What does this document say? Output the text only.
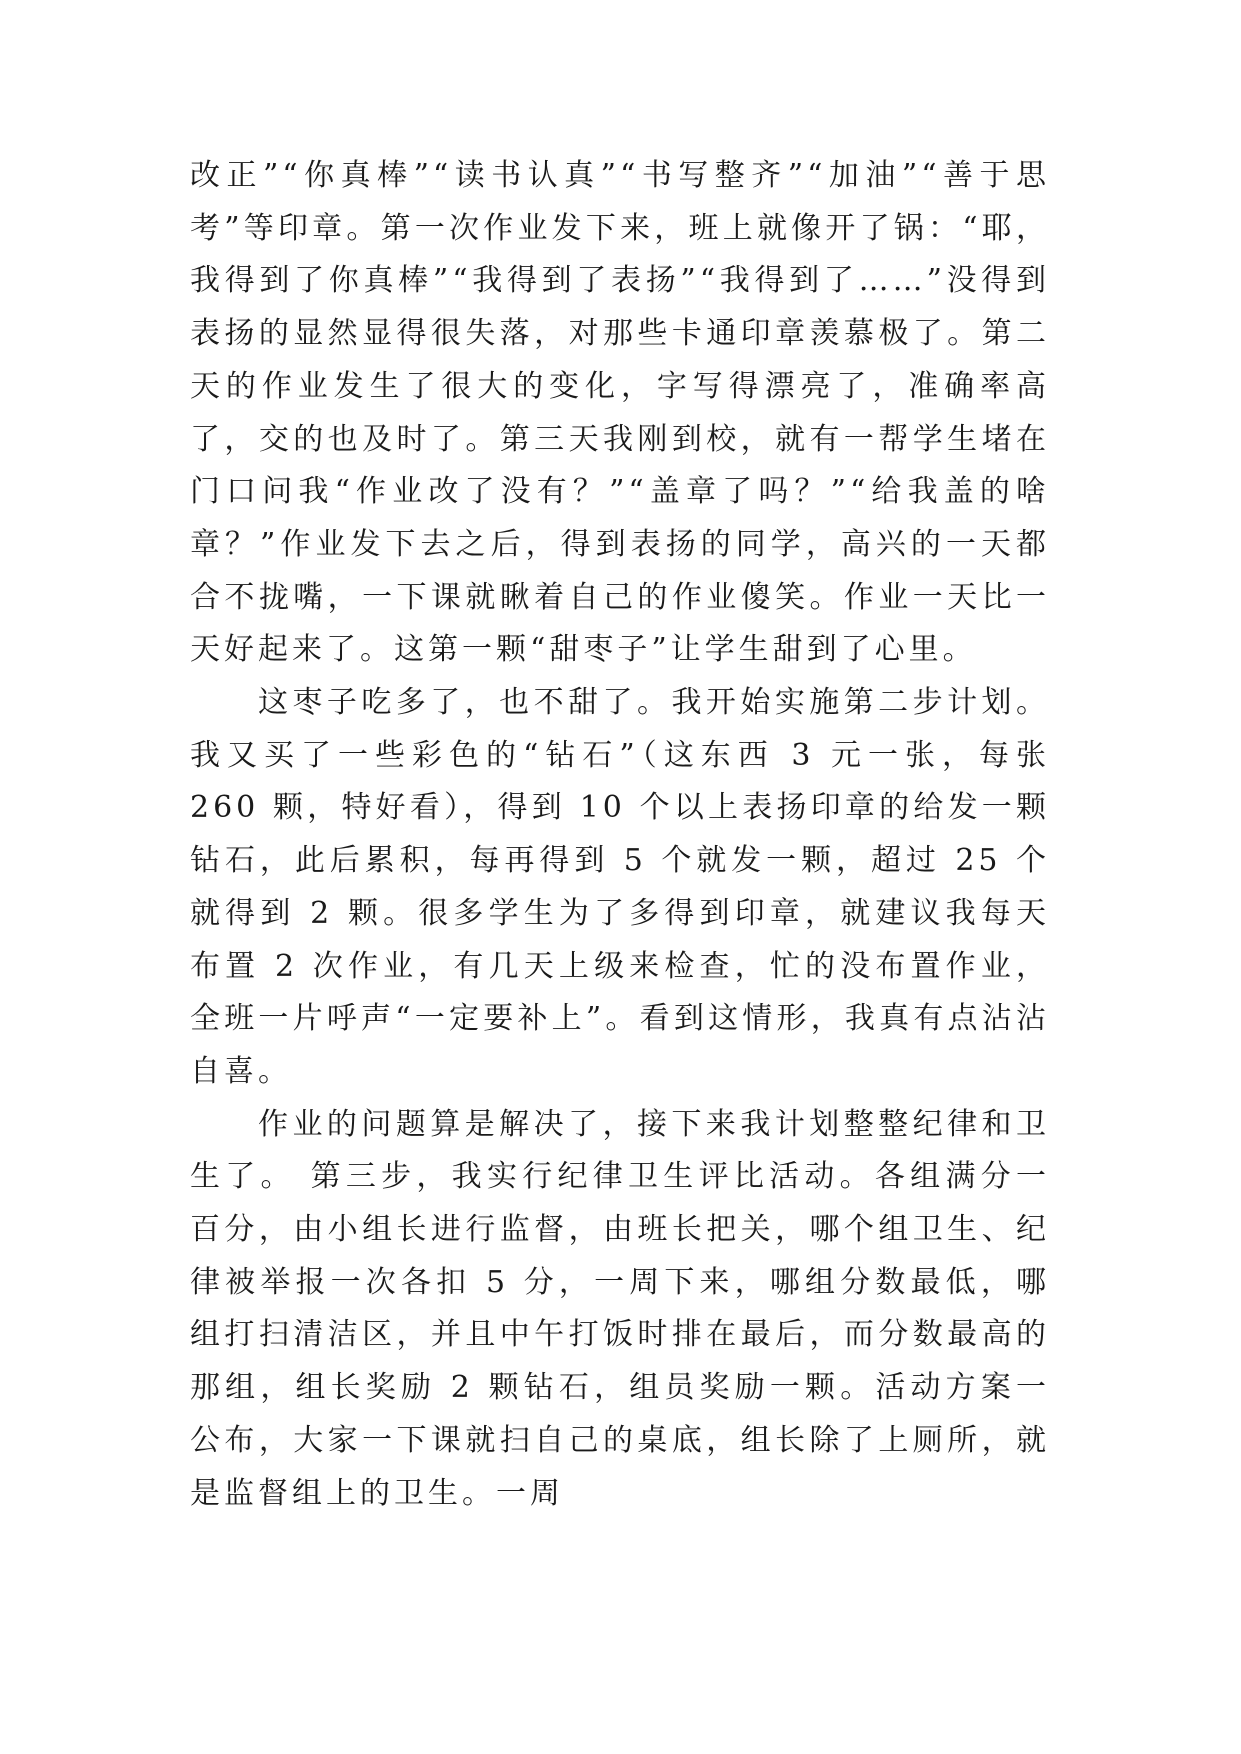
改正”“你真棒”“读书认真”“书写整齐”“加油”“善于思考”等印章。第一次作业发下来，班上就像开了锅：“耶，我得到了你真棒”“我得到了表扬”“我得到了……”没得到表扬的显然显得很失落，对那些卡通印章羡慕极了。第二天的作业发生了很大的变化，字写得漂亮了，准确率高了，交的也及时了。第三天我刚到校，就有一帮学生堵在门口问我“作业改了没有？”“盖章了吗？”“给我盖的啥章？”作业发下去之后，得到表扬的同学，高兴的一天都合不拢嘴，一下课就瞅着自己的作业傻笑。作业一天比一天好起来了。这第一颗“甜枣子”让学生甜到了心里。

这枣子吃多了，也不甜了。我开始实施第二步计划。我又买了一些彩色的“钻石”（这东西 3 元一张，每张 260 颗，特好看），得到 10 个以上表扬印章的给发一颗钻石，此后累积，每再得到 5 个就发一颗，超过 25 个就得到 2 颗。很多学生为了多得到印章，就建议我每天布置 2 次作业，有几天上级来检查，忙的没布置作业，全班一片呼声“一定要补上”。看到这情形，我真有点沾沾自喜。

作业的问题算是解决了，接下来我计划整整纪律和卫生了。 第三步，我实行纪律卫生评比活动。各组满分一百分，由小组长进行监督，由班长把关，哪个组卫生、纪律被举报一次各扣 5 分，一周下来，哪组分数最低，哪组打扫清洁区，并且中午打饭时排在最后，而分数最高的那组，组长奖励 2 颗钻石，组员奖励一颗。活动方案一公布，大家一下课就扫自己的桌底，组长除了上厕所，就是监督组上的卫生。一周
